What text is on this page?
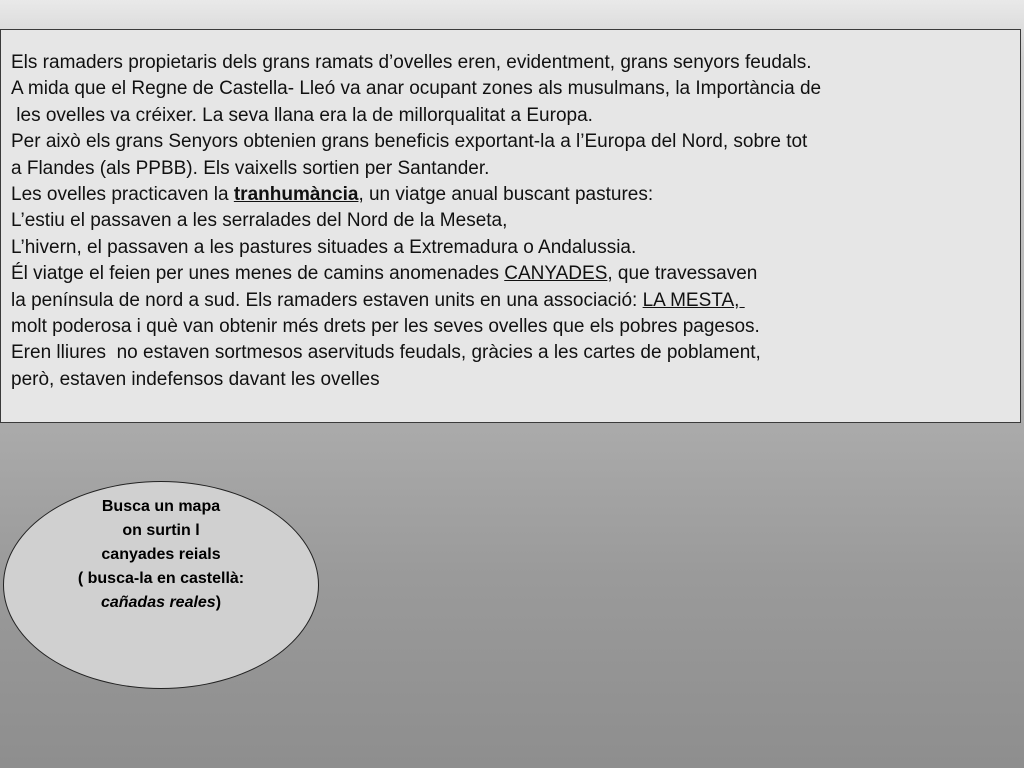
Els ramaders propietaris dels grans ramats d’ovelles eren, evidentment, grans senyors feudals.
A mida que el Regne de Castella- Lleó va anar ocupant zones als musulmans, la Importància de
les ovelles va créixer. La seva llana era la de millorqualitat a Europa.
Per això els grans Senyors obtenien grans beneficis exportant-la a l’Europa del Nord, sobre tot
a Flandes (als PPBB). Els vaixells sortien per Santander.
Les ovelles practicaven la tranhumància, un viatge anual buscant pastures:
L’estiu el passaven a les serralades del Nord de la Meseta,
L’hivern, el passaven a les pastures situades a Extremadura o Andalussia.
Él viatge el feien per unes menes de camins anomenades CANYADES, que travessaven
la península de nord a sud. Els ramaders estaven units en una associació: LA MESTA,
molt poderosa i què van obtenir més drets per les seves ovelles que els pobres pagesos.
Eren lliures  no estaven sortmesos aservituds feudals, gràcies a les cartes de poblament,
però, estaven indefensos davant les ovelles
Busca un mapa
on surtin l
canyades reials
( busca-la en castellà:
cañadas reales)
